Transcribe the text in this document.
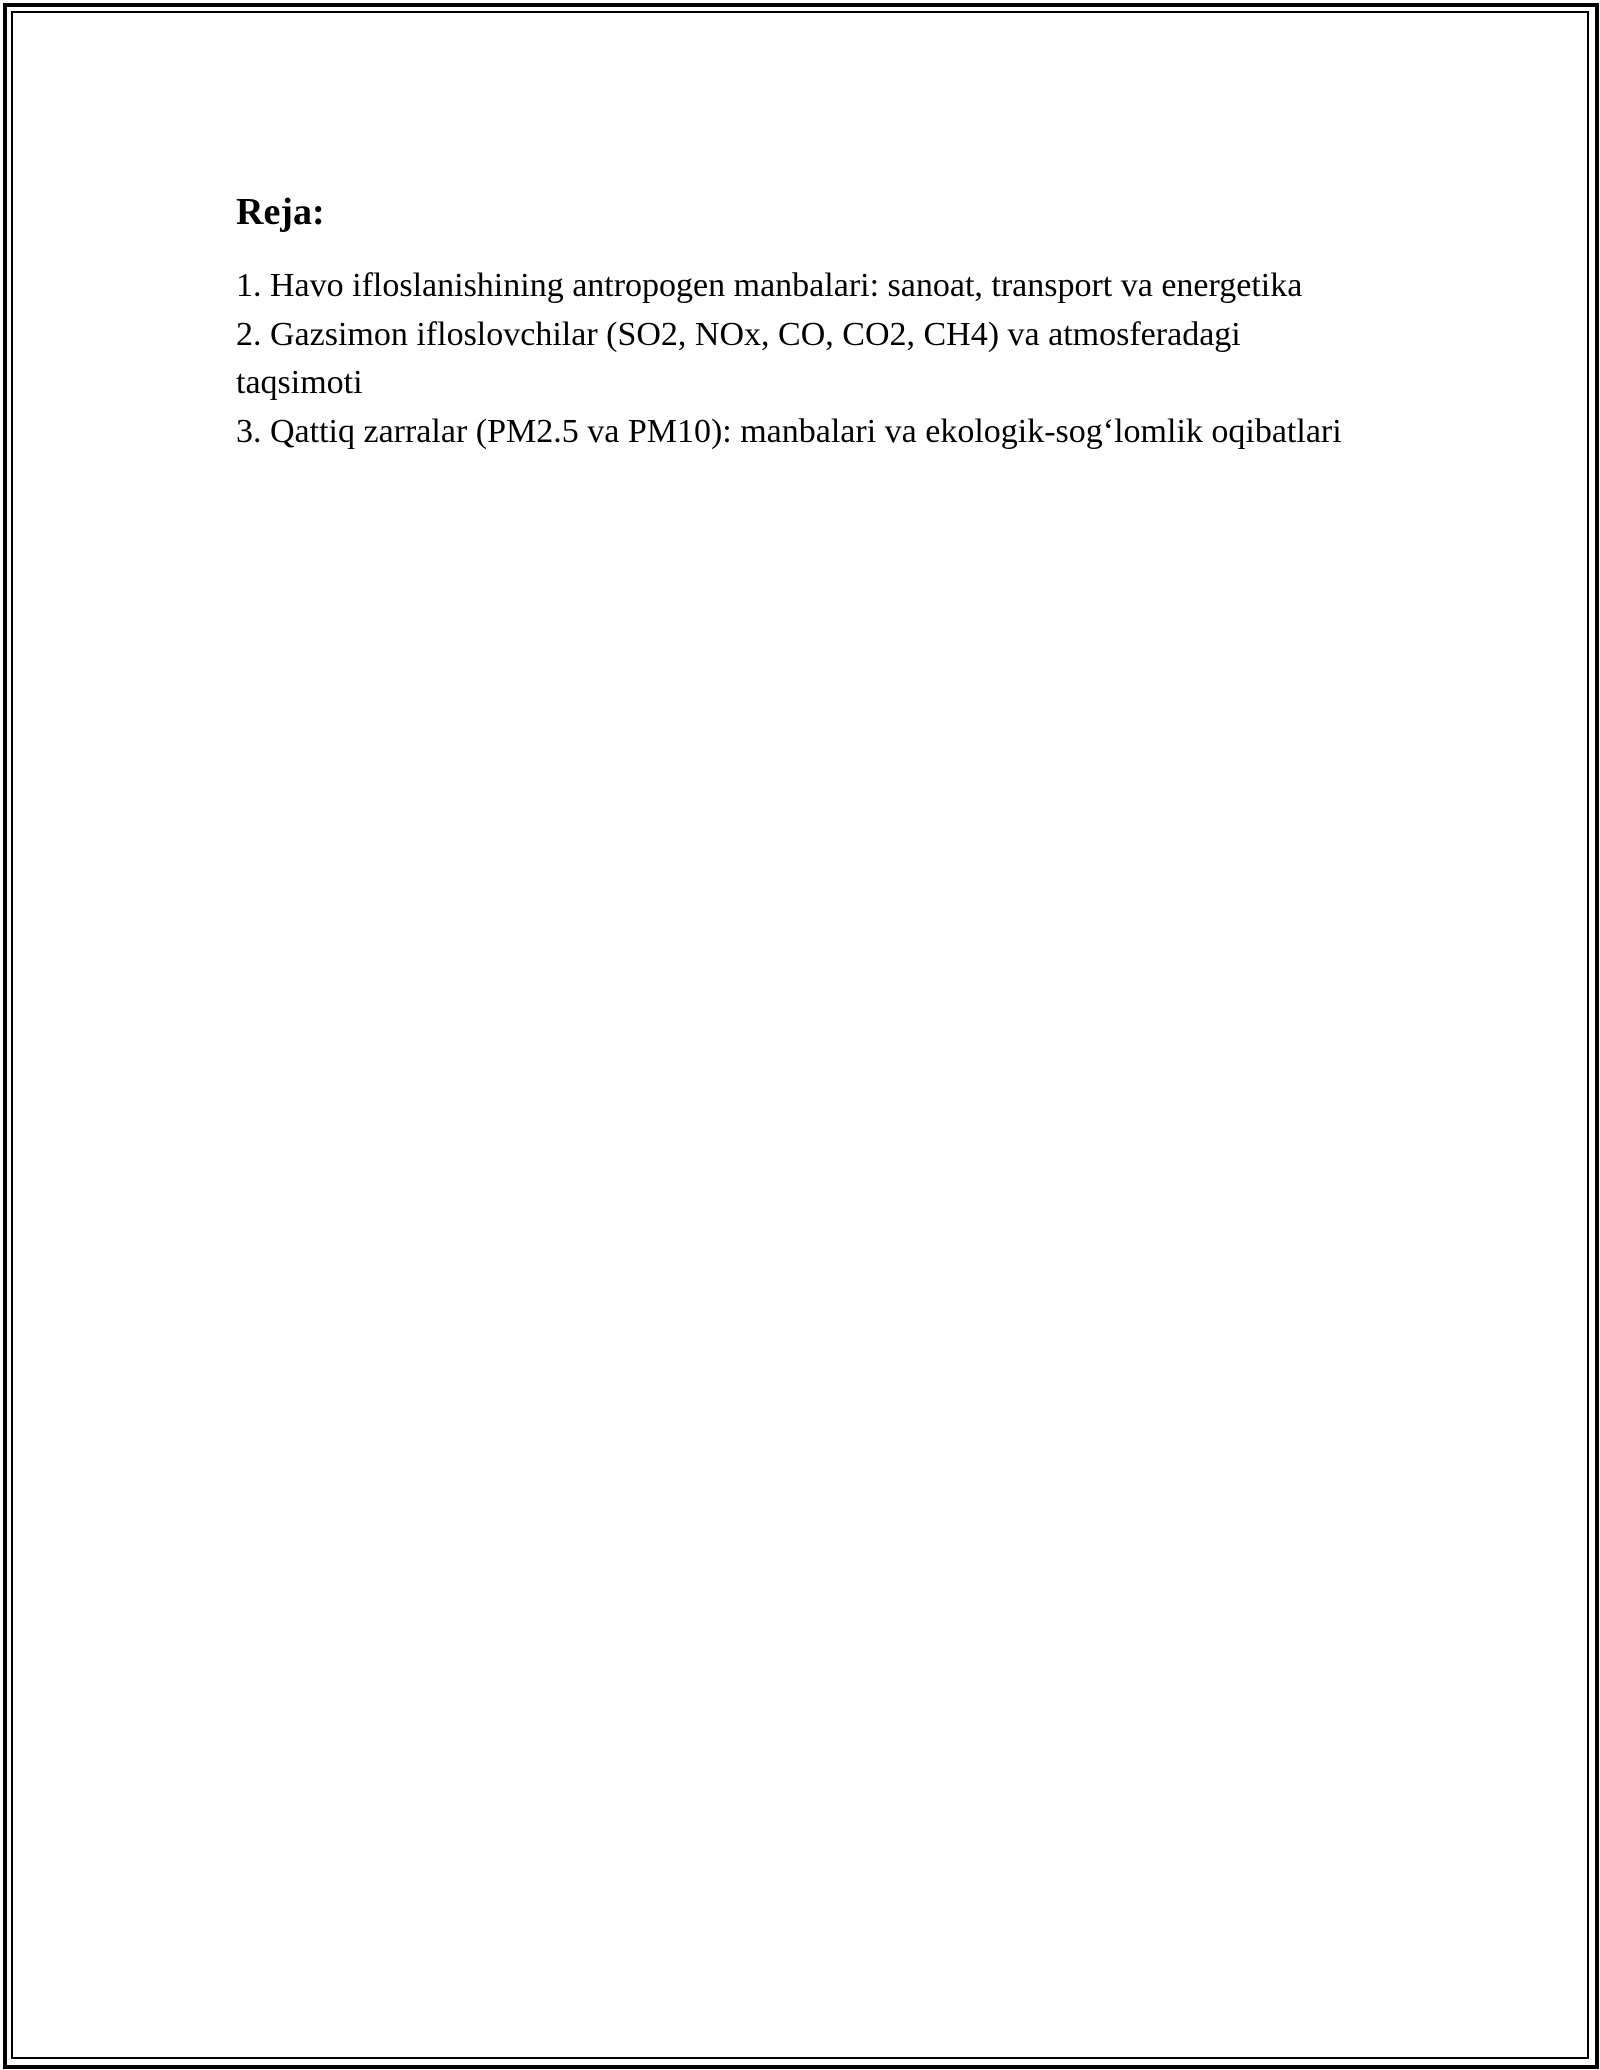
Reja:
1. Havo ifloslanishining antropogen manbalari: sanoat, transport va energetika
2. Gazsimon ifloslovchilar (SO2, NOx, CO, CO2, CH4) va atmosferadagi taqsimoti
3. Qattiq zarralar (PM2.5 va PM10): manbalari va ekologik-sog‘lomlik oqibatlari
